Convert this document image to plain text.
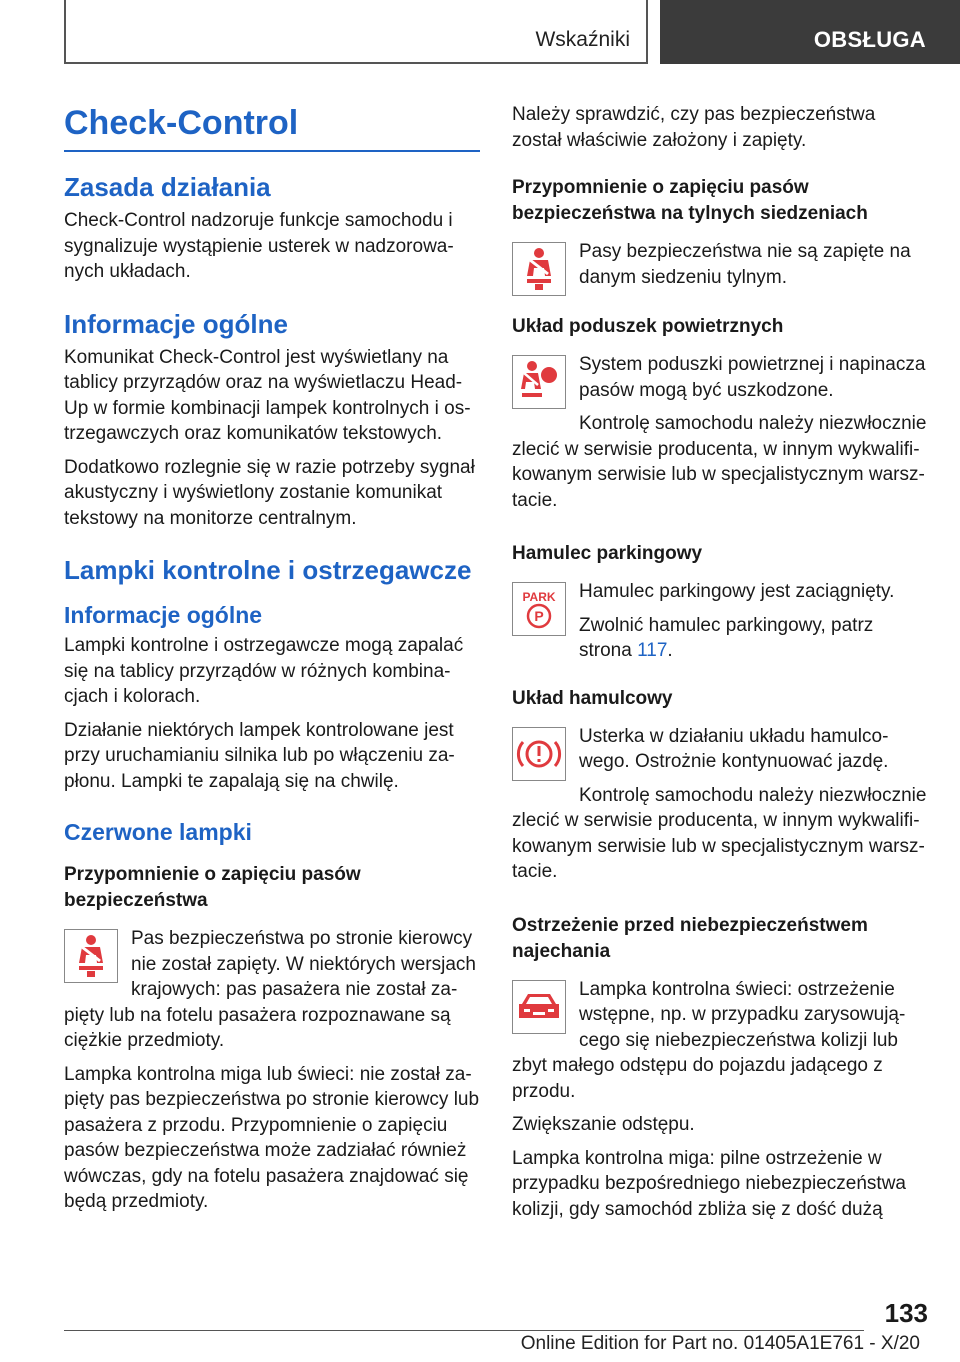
Wskaźniki	OBSŁUGA
Check-Control
Zasada działania

Check-Control nadzoruje funkcje samochodu i sygnalizuje wystąpienie usterek w nadzorowanych układach.

Informacje ogólne

Komunikat Check-Control jest wyświetlany na tablicy przyrządów oraz na wyświetlaczu Head-Up w formie kombinacji lampek kontrolnych i ostrzegawczych oraz komunikatów tekstowych.

Dodatkowo rozlegnie się w razie potrzeby sygnał akustyczny i wyświetlony zostanie komunikat tekstowy na monitorze centralnym.

Lampki kontrolne i ostrzegawcze
Informacje ogólne

Lampki kontrolne i ostrzegawcze mogą zapalać się na tablicy przyrządów w różnych kombinacjach i kolorach.

Działanie niektórych lampek kontrolowane jest przy uruchamianiu silnika lub po włączeniu zapłonu. Lampki te zapalają się na chwilę.

Czerwone lampki
Przypomnienie o zapięciu pasów bezpieczeństwa

Pas bezpieczeństwa po stronie kierowcy nie został zapięty. W niektórych wersjach krajowych: pas pasażera nie został zapięty lub na fotelu pasażera rozpoznawane są ciężkie przedmioty.

Lampka kontrolna miga lub świeci: nie został zapięty pas bezpieczeństwa po stronie kierowcy lub pasażera z przodu. Przypomnienie o zapięciu pasów bezpieczeństwa może zadziałać również wówczas, gdy na fotelu pasażera znajdować się będą przedmioty.

Należy sprawdzić, czy pas bezpieczeństwa został właściwie założony i zapięty.

Przypomnienie o zapięciu pasów bezpieczeństwa na tylnych siedzeniach

Pasy bezpieczeństwa nie są zapięte na danym siedzeniu tylnym.

Układ poduszek powietrznych

System poduszki powietrznej i napinacza pasów mogą być uszkodzone.

Kontrolę samochodu należy niezwłocznie zlecić w serwisie producenta, w innym wykwalifikowanym serwisie lub w specjalistycznym warsztacie.

Hamulec parkingowy
PARK
P

Hamulec parkingowy jest zaciągnięty.

Zwolnić hamulec parkingowy, patrz strona 117.

Układ hamulcowy

Usterka w działaniu układu hamulcowego. Ostrożnie kontynuować jazdę.

Kontrolę samochodu należy niezwłocznie zlecić w serwisie producenta, w innym wykwalifikowanym serwisie lub w specjalistycznym warsztacie.

Ostrzeżenie przed niebezpieczeństwem najechania

Lampka kontrolna świeci: ostrzeżenie wstępne, np. w przypadku zarysowującego się niebezpieczeństwa kolizji lub zbyt małego odstępu do pojazdu jadącego z przodu.

Zwiększanie odstępu.

Lampka kontrolna miga: pilne ostrzeżenie w przypadku bezpośredniego niebezpieczeństwa kolizji, gdy samochód zbliża się z dość dużą

133
Online Edition for Part no. 01405A1E761 - X/20
